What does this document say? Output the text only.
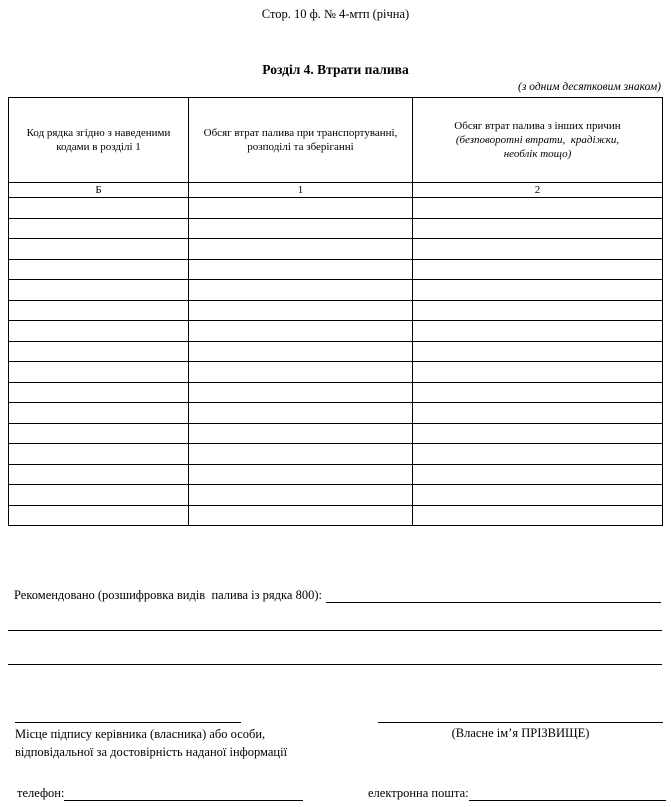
Стор. 10 ф. № 4-мтп (річна)
Розділ 4. Втрати палива
(з одним десятковим знаком)
Код рядка згідно з наведеними кодами в розділі 1	Обсяг втрат палива при транспортуванні, розподілі та зберіганні	Обсяг втрат палива з інших причин
(безповоротні втрати,  крадіжки, необлік тощо)

Б	1	2

Рекомендовано (розшифровка видів  палива із рядка 800):
Місце підпису керівника (власника) або особи,
відповідальної за достовірність наданої інформації
(Власне ім’я ПРІЗВИЩЕ)
телефон:	електронна пошта:
